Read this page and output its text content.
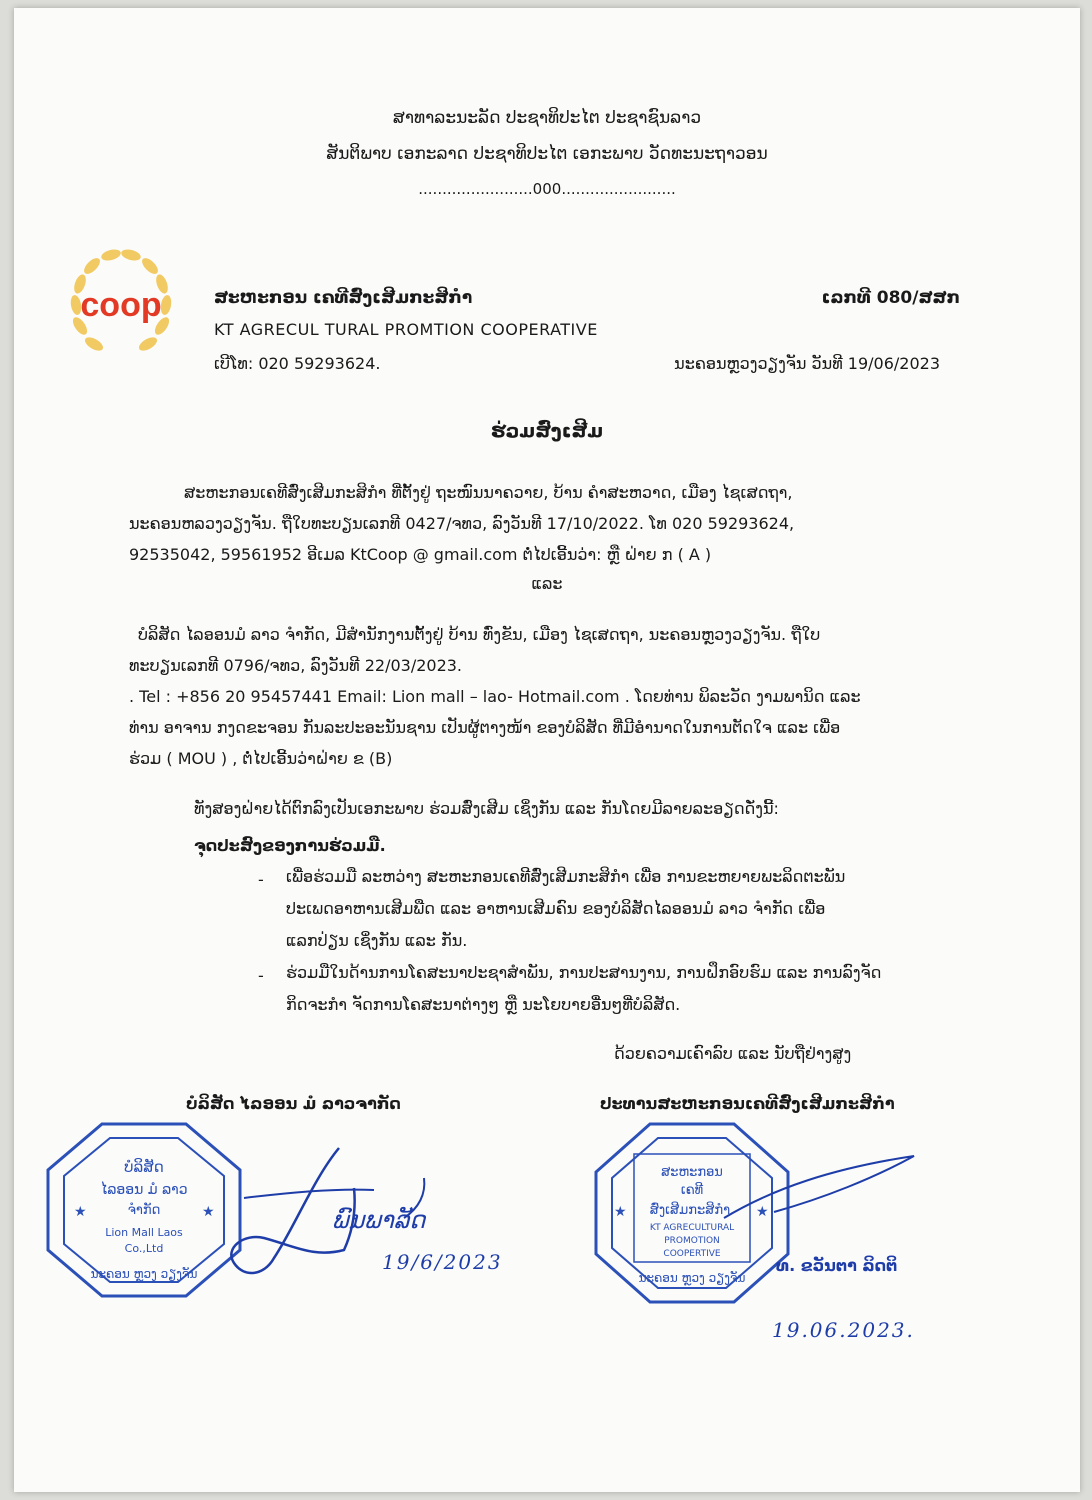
ສາທາລະນະລັດ ປະຊາທິປະໄຕ ປະຊາຊົນລາວ
ສັນຕິພາບ ເອກະລາດ ປະຊາທິປະໄຕ ເອກະພາບ ວັດທະນະຖາວອນ
........................000........................
coop	ສະຫະກອນ ເຄທີສົ່ງເສີມກະສິກຳ
KT AGRECUL TURAL PROMTION COOPERATIVE
ເບີໂທ: 020 59293624.
ເລກທີ 080/ສສກ
ນະຄອນຫຼວງວຽງຈັນ ວັນທີ 19/06/2023
ຮ່ວມສົ່ງເສີມ
ສະຫະກອນເຄທີສົ່ງເສີມກະສິກຳ ທີ່ຕັ້ງຢູ່ ຖະໜົນນາຄວາຍ, ບ້ານ ຄຳສະຫວາດ, ເມືອງ ໄຊເສດຖາ,
ນະຄອນຫລວງວຽງຈັນ. ຖືໃບທະບຽນເລກທີ 0427/ຈທວ, ລົງວັນທີ 17/10/2022. ໂທ 020 59293624,
92535042, 59561952 ອີເມລ KtCoop @ gmail.com ຕໍ່ໄປເອີ້ນວ່າ: ຫຼື ຝ່າຍ ກ ( A )
ແລະ
ບໍລິສັດ ໄລອອນມໍ ລາວ ຈຳກັດ, ມີສຳນັກງານຕັ້ງຢູ່ ບ້ານ ທົ່ງຂັນ, ເມືອງ ໄຊເສດຖາ, ນະຄອນຫຼວງວຽງຈັນ. ຖືໃບ
ທະບຽນເລກທີ 0796/ຈທວ, ລົງວັນທີ 22/03/2023.
. Tel : +856 20 95457441 Email: Lion mall – lao- Hotmail.com . ໂດຍທ່ານ ພິລະວັດ ງາມພານິດ ແລະ
ທ່ານ ອາຈານ ກງດຂະຈອນ ກັນລະປະອະນັນຊານ ເປັນຜູ້ຕາງໜ້າ ຂອງບໍລິສັດ ທີ່ມີອຳນາດໃນການຕັດໃຈ ແລະ ເພື່ອ
ຮ່ວມ ( MOU ) , ຕໍ່ໄປເອີ້ນວ່າຝ່າຍ ຂ (B)
ທັງສອງຝ່າຍໄດ້ຕົກລົງເປັນເອກະພາບ ຮ່ວມສົ່ງເສີມ ເຊິ່ງກັນ ແລະ ກັນໂດຍມີລາຍລະອຽດດັ່ງນີ້:
ຈຸດປະສົງຂອງການຮ່ວມມື.
- ເພື່ອຮ່ວມມື ລະຫວ່າງ ສະຫະກອນເຄທີສົ່ງເສີມກະສິກຳ ເພື່ອ ການຂະຫຍາຍພະລິດຕະພັນ
ປະເພດອາຫານເສີມພືດ ແລະ ອາຫານເສີມຄົນ ຂອງບໍລິສັດໄລອອນມໍ ລາວ ຈຳກັດ ເພື່ອ
ແລກປ່ຽນ ເຊິ່ງກັນ ແລະ ກັນ.
- ຮ່ວມມືໃນດ້ານການໂຄສະນາປະຊາສຳພັນ, ການປະສານງານ, ການຝຶກອົບຮົມ ແລະ ການລົງຈັດ
ກິດຈະກຳ ຈັດການໂຄສະນາຕ່າງໆ ຫຼື ນະໂຍບາຍອື່ນໆທີ່ບໍລິສັດ.
ດ້ວຍຄວາມເຄົາລົບ ແລະ ນັບຖືຢ່າງສູງ
ບໍລິສັດ ໄລອອນ ມໍ ລາວຈາກັດ	ປະທານສະຫະກອນເຄທີສົ່ງເສີມກະສິກຳ
ບໍລິສັດ
ໄລອອນ ມໍ ລາວ
ຈຳກັດ
Lion Mall Laos
Co.,Ltd
ນະຄອນ ຫຼວງ ວຽງຈັນ
★	★	ພົນພາລັດ
19/6/2023
ສະຫະກອນ
ເຄທີ
ສົ່ງເສີມກະສິກຳ.
KT AGRECULTURAL
PROMOTION
COOPERTIVE
ນະຄອນ ຫຼວງ ວຽງຈັນ
★	★
ທ. ຂວັນຕາ ລິດຕິ
19.06.2023.
